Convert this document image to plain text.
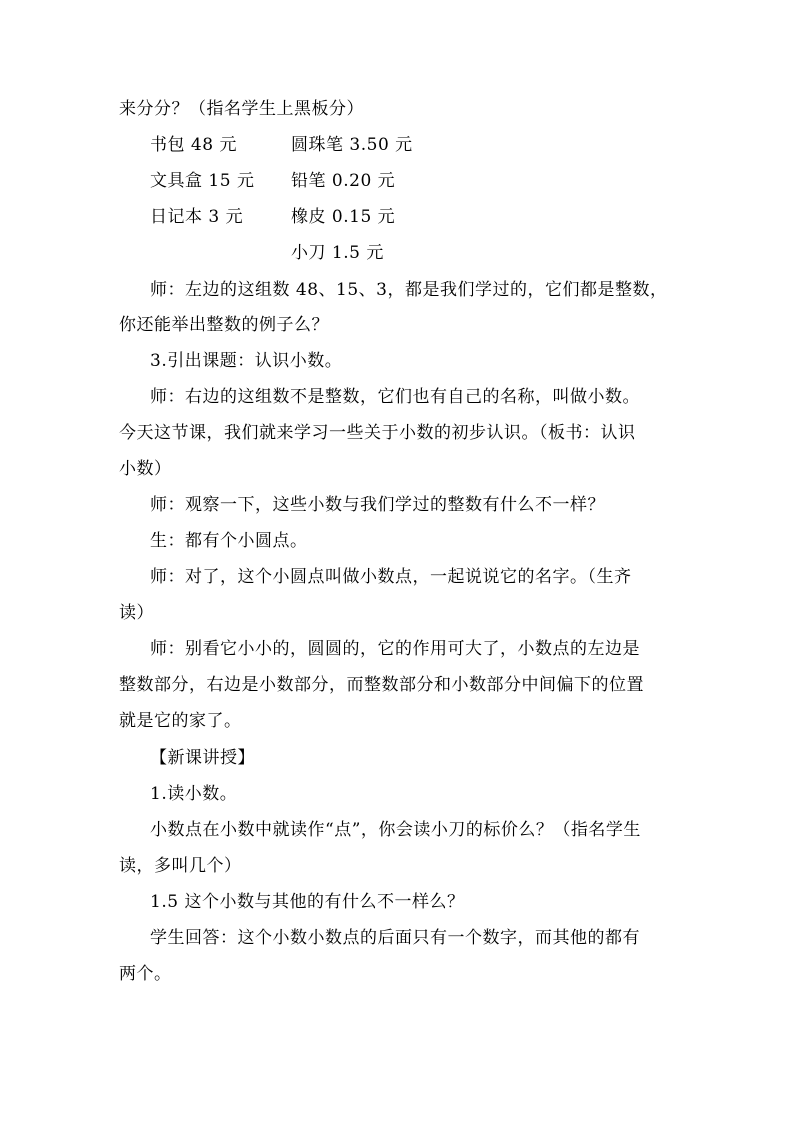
来分分？（指名学生上黑板分）
书包 48 元	圆珠笔 3.50 元
文具盒 15 元 铅笔 0.20 元
日记本 3 元	橡皮 0.15 元
小刀 1.5 元
师：左边的这组数 48、15、3，都是我们学过的，它们都是整数，
你还能举出整数的例子么？
3.引出课题：认识小数。
师：右边的这组数不是整数，它们也有自己的名称，叫做小数。
今天这节课，我们就来学习一些关于小数的初步认识。（板书：认识
小数）
师：观察一下，这些小数与我们学过的整数有什么不一样？
生：都有个小圆点。
师：对了，这个小圆点叫做小数点，一起说说它的名字。（生齐
读）
师：别看它小小的，圆圆的，它的作用可大了，小数点的左边是
整数部分，右边是小数部分，而整数部分和小数部分中间偏下的位置
就是它的家了。
【新课讲授】
1.读小数。
小数点在小数中就读作“点”，你会读小刀的标价么？（指名学生
读，多叫几个）
1.5 这个小数与其他的有什么不一样么？
学生回答：这个小数小数点的后面只有一个数字，而其他的都有
两个。
